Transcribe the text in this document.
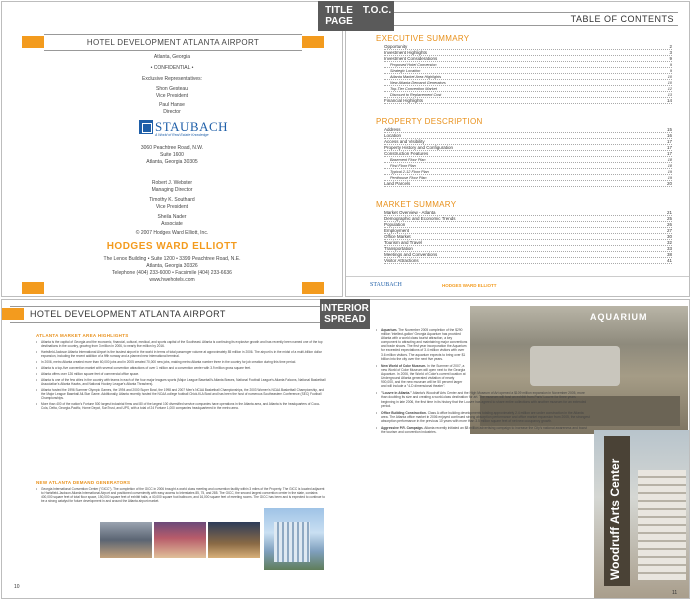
HOTEL DEVELOPMENT ATLANTA AIRPORT
Atlanta, Georgia
• CONFIDENTIAL •
Exclusive Representatives:
Shon Gesteau
Vice President
Paul Hanse
Director
STAUBACH
A World of Real Estate Knowledge
3060 Peachtree Road, N.W.
Suite 1600
Atlanta, Georgia 30305
Robert J. Webster
Managing Director
Timothy K. Southard
Vice President
Sheila Nader
Associate
© 2007 Hodges Ward Elliott, Inc.
HODGES WARD ELLIOTT
The Lenox Building • Suite 1200 • 3399 Peachtree Road, N.E.
Atlanta, Georgia 30326
Telephone (404) 233-6000 • Facsimile (404) 233-6636
www.hwehotels.com
TABLE OF CONTENTS
EXECUTIVE SUMMARY
Opportunity	2
Investment Highlights	3
Investment Considerations	9
Proposed Hotel Conversion	9
Strategic Location	9
Atlanta Market Area Highlights	10
New Atlanta Demand Generators	10
Top-Tier Convention Market	12
Discount to Replacement Cost	13
Financial Highlights	14
PROPERTY DESCRIPTION
Address	15
Location	16
Access and Visibility	17
Property History and Configuration	17
Construction Features	17
Basement Floor Plan	18
First Floor Plan	18
Typical 2-12 Floor Plan	19
Penthouse Floor Plan	19
Land Parcels	20
MARKET SUMMARY
Market Overview - Atlanta	21
Demographic and Economic Trends	25
Population	26
Employment	27
Office Market	30
Tourism and Travel	32
Transportation	33
Meetings and Conventions	38
Visitor Attractions	41
STAUBACH	HODGES WARD ELLIOTT
HOTEL DEVELOPMENT ATLANTA AIRPORT
ATLANTA MARKET AREA HIGHLIGHTS
• Atlanta is the capital of Georgia and the economic, financial, cultural, medical, and sports capital of the Southeast. Atlanta is continuing its explosive growth and has recently been named one of the top destinations in the country, growing from 3 million in 2006, to nearly five million by 2016.
• Hartsfield-Jackson Atlanta International Airport is the busiest airport in the world in terms of total passenger volume at approximately 85 million in 2006. The airport is in the midst of a multi-billion dollar expansion, including the recent addition of a fifth runway and a planned new international terminal.
• In 2006, metro Atlanta created more than 60,000 jobs and in 2005 created 70,000 new jobs, making metro Atlanta number three in the country for job creation during this time period.
• Atlanta is a top-five convention market with several convention attractions of over 1 million and a convention center with 3.9 million gross square feet.
• Atlanta offers over 126 million square feet of commercial office space.
• Atlanta is one of the few cities in the country with teams in each of the four major leagues sports (Major League Baseball's Atlanta Braves, National Football League's Atlanta Falcons, National Basketball Association's Atlanta Hawks, and National Hockey League's Atlanta Thrashers).
• Atlanta hosted the 1996 Summer Olympic Games, the 1994 and 2000 Super Bowl, the 1998 and 2007 Men's NCAA Basketball Championships, the 2003 Women's NCAA Basketball Championship, and the Major League Baseball All-Star Game. Additionally, Atlanta recently hosted the NCAA college football Chick-fil-A Bowl and has been the host of numerous Southeastern Conference (SEC) Football Championships.
• More than 400 of the nation's Fortune 500 largest industrial firms and 80 of the largest 100 diversified service companies have operations in the Atlanta area, and Atlanta is the headquarters of Coca-Cola, Delta, Georgia-Pacific, Home Depot, SunTrust, and UPS, with a total of 24 Fortune 1,000 companies headquartered in the metro area.
NEW ATLANTA DEMAND GENERATORS
• Georgia International Convention Center ("GICC"). The completion of the GICC in 2006 brought a world class meeting and convention facility within 3 miles of the Property. The GICC is located adjacent to Hartsfield-Jackson Atlanta International Airport and positioned conveniently with easy access to Interstates 85, 75, and 285. The GICC, the second largest convention center in the state, contains 400,000 square feet of total floor space, 150,000 square feet of exhibit halls, a 40,000 square foot ballroom, and 16,000 square feet of meeting rooms. The GICC has been and is expected to continue to be a strong catalyst for future development in and around the Atlanta airport market.
10
AQUARIUM
• Aquarium. The November 2005 completion of the $290 million 'intellect-gallon' Georgia Aquarium has provided Atlanta with a world class tourist attraction, a key component to attracting and maintaining major conventions and trade shows. The first year incorporation the Aquarium for exceeded expectations of 3.4 million visitors with over 3.6 million visitors. The aquarium expects to bring over $1 billion into the city over the next five years.
• New World of Coke Museum. In the Summer of 2007, a new World of Coke Museum will open next to the Georgia Aquarium. In 2006, the World of Coke's current location at Underground Atlanta generated visitation of nearly 900,000, and the new museum will be 50 percent larger and will include a "4-D dimensional theater".
• "Louvre in Atlanta." Atlanta's Woodruff Arts Center and the High Museum of Art opened a $109 million expansion in November 2005, more than doubling its size and creating a world-class destination for art. The museum will host an exhibit from Paris' Louvre for three years beginning in late 2006, the first time in its history that the Louvre has agreed to share entire collections with another museum for an extended period.
• Office Building Construction. Class A office building developments totaling approximately 2.4 million are under construction in the Atlanta area. The Atlanta office market in 2006 enjoyed continued strong absorption performance and office market expansion from 2005, the strongest absorption performance in the previous 10 years with more than 3.5 million square feet of net new occupancy growth.
• Aggressive P.R. Campaign. Atlanta recently initiated an $8 million advertising campaign to increase the City's national awareness and boost the tourism and convention industries.
Woodruff Arts Center
11
TITLE PAGE
T.O.C.
INTERIOR SPREAD
